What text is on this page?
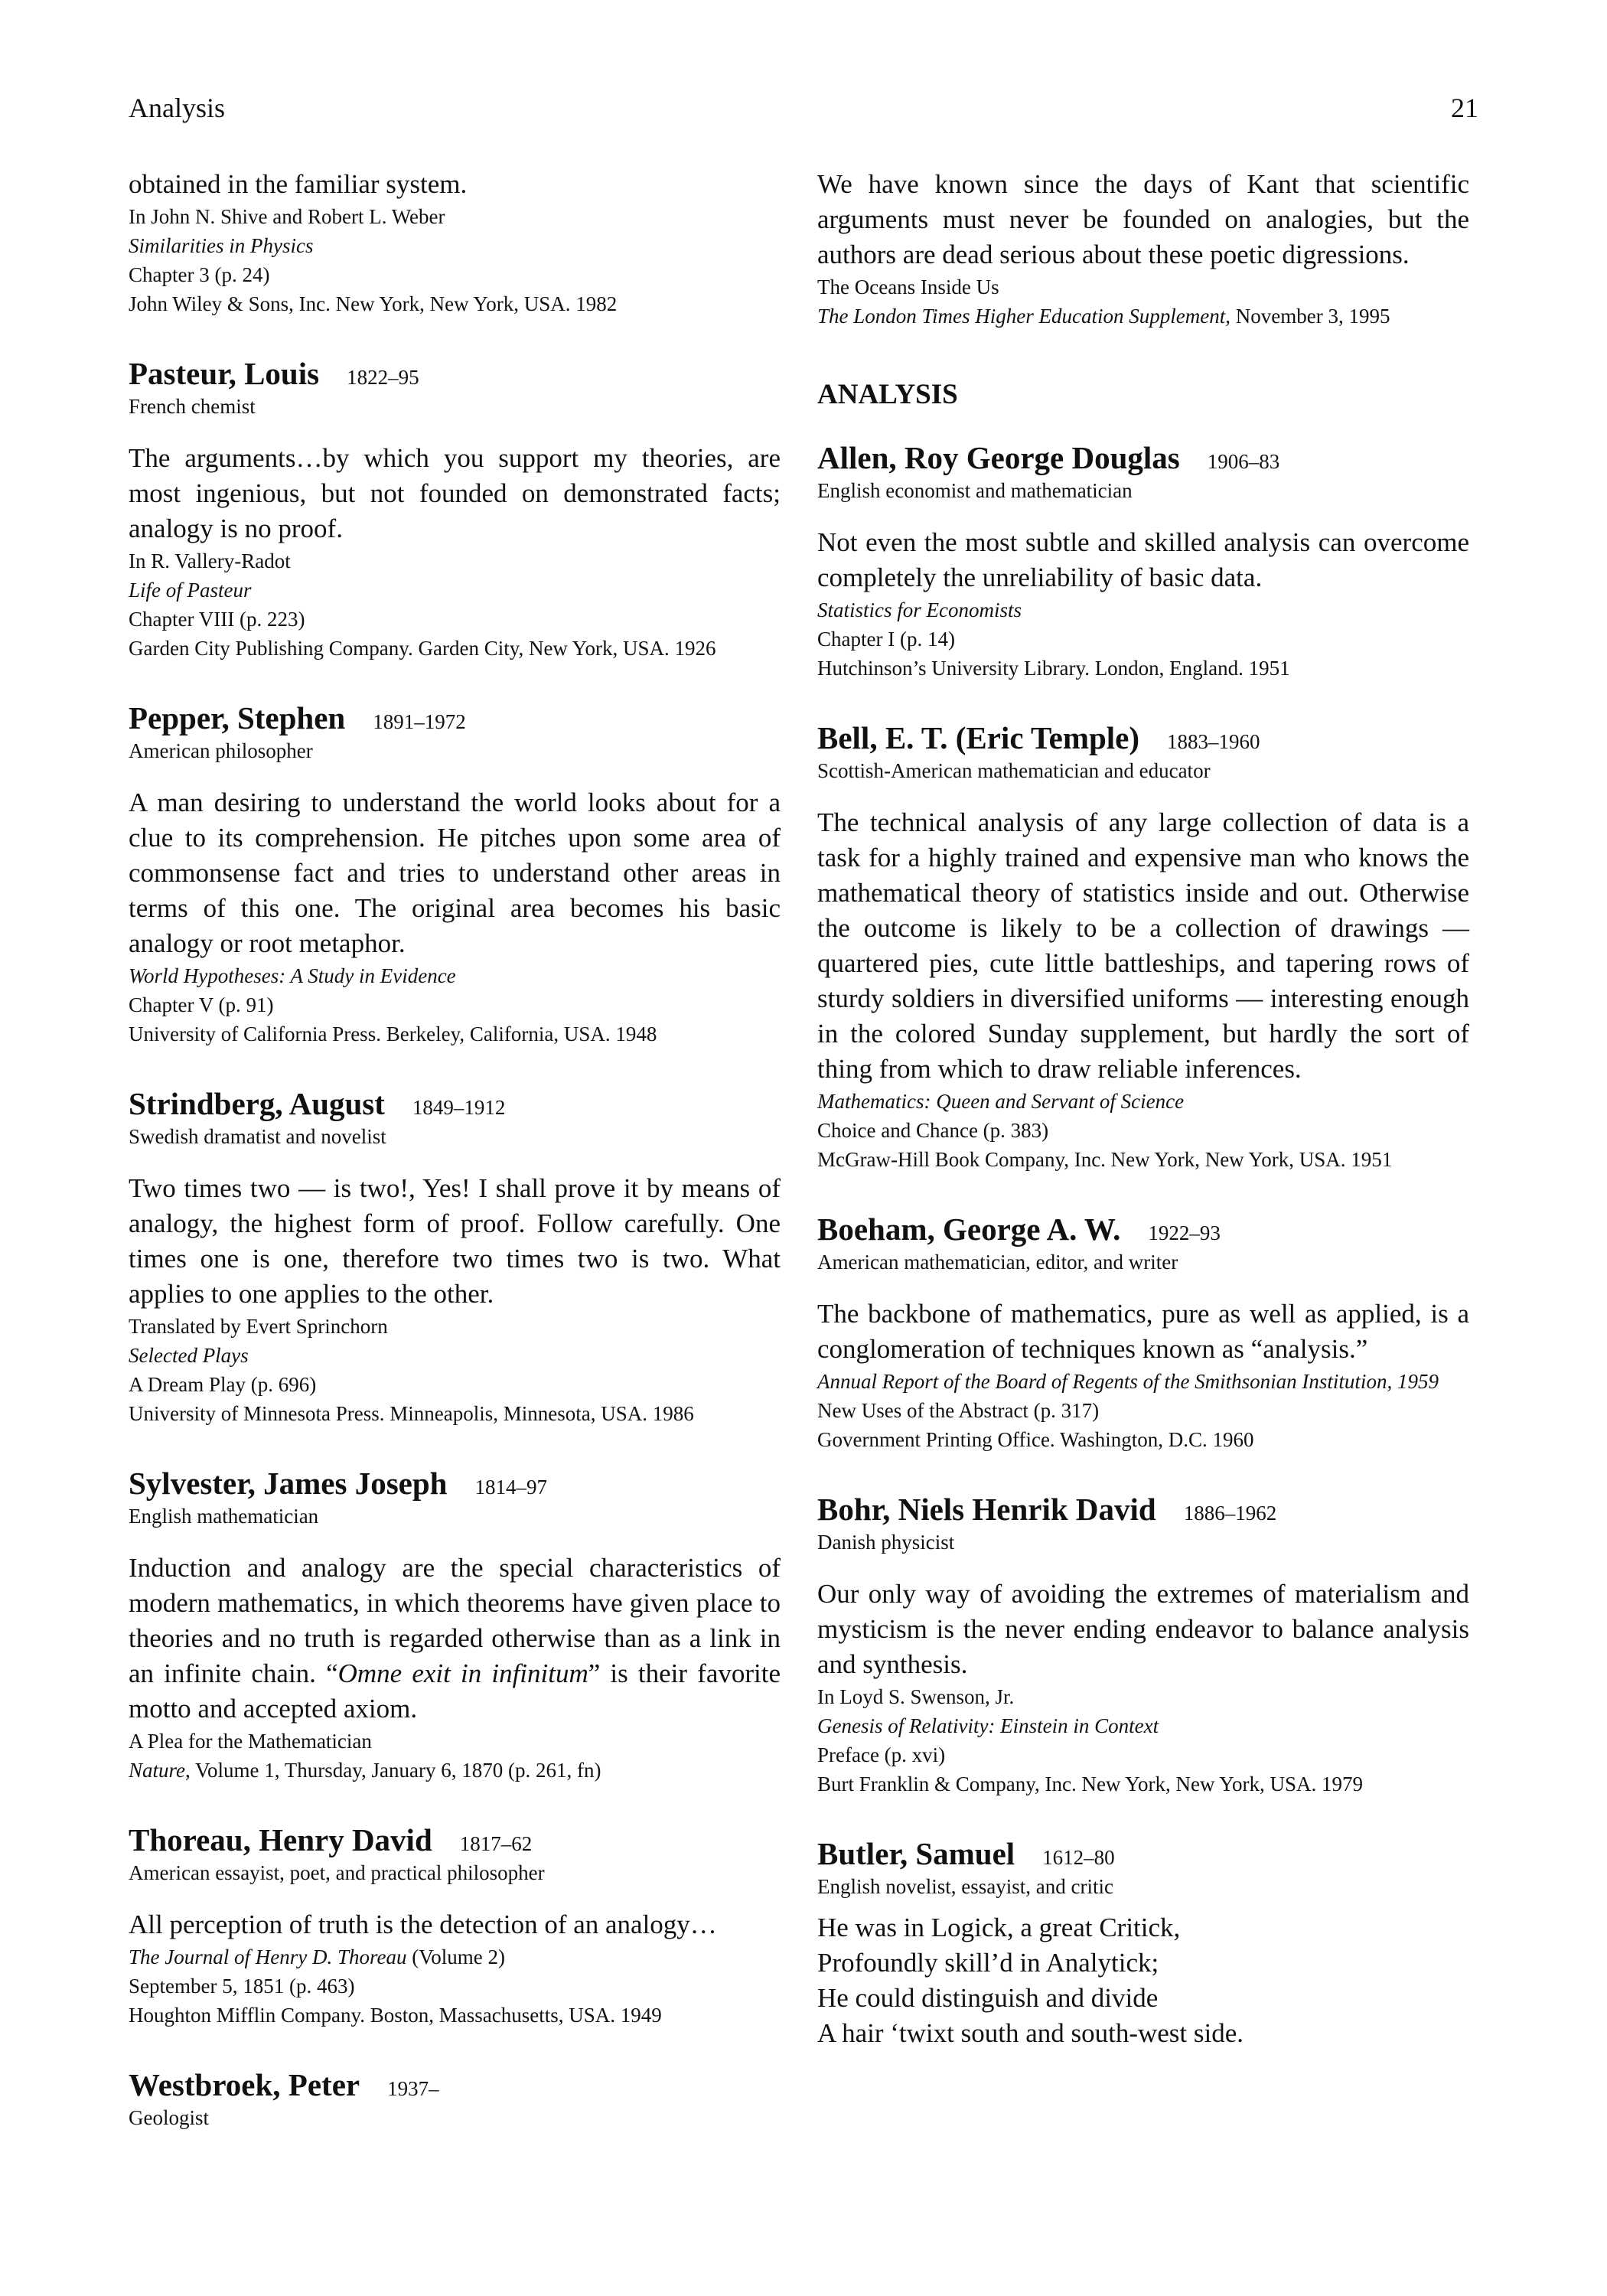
Analysis	21

obtained in the familiar system.

In John N. Shive and Robert L. Weber

Similarities in Physics

Chapter 3 (p. 24)

John Wiley & Sons, Inc. New York, New York, USA. 1982

Pasteur, Louis 1822–95

French chemist

The arguments…by which you support my theories, are most ingenious, but not founded on demonstrated facts; analogy is no proof.

In R. Vallery-Radot

Life of Pasteur

Chapter VIII (p. 223)

Garden City Publishing Company. Garden City, New York, USA. 1926

Pepper, Stephen 1891–1972

American philosopher

A man desiring to understand the world looks about for a clue to its comprehension. He pitches upon some area of commonsense fact and tries to understand other areas in terms of this one. The original area becomes his basic analogy or root metaphor.

World Hypotheses: A Study in Evidence

Chapter V (p. 91)

University of California Press. Berkeley, California, USA. 1948

Strindberg, August 1849–1912

Swedish dramatist and novelist

Two times two — is two!, Yes! I shall prove it by means of analogy, the highest form of proof. Follow carefully. One times one is one, therefore two times two is two. What applies to one applies to the other.

Translated by Evert Sprinchorn

Selected Plays

A Dream Play (p. 696)

University of Minnesota Press. Minneapolis, Minnesota, USA. 1986

Sylvester, James Joseph 1814–97

English mathematician

Induction and analogy are the special characteristics of modern mathematics, in which theorems have given place to theories and no truth is regarded otherwise than as a link in an infinite chain. “Omne exit in infinitum” is their favorite motto and accepted axiom.

A Plea for the Mathematician

Nature, Volume 1, Thursday, January 6, 1870 (p. 261, fn)

Thoreau, Henry David 1817–62

American essayist, poet, and practical philosopher

All perception of truth is the detection of an analogy…

The Journal of Henry D. Thoreau (Volume 2)

September 5, 1851 (p. 463)

Houghton Mifflin Company. Boston, Massachusetts, USA. 1949

Westbroek, Peter 1937–

Geologist

We have known since the days of Kant that scientific arguments must never be founded on analogies, but the authors are dead serious about these poetic digressions.

The Oceans Inside Us

The London Times Higher Education Supplement, November 3, 1995

ANALYSIS

Allen, Roy George Douglas 1906–83

English economist and mathematician

Not even the most subtle and skilled analysis can overcome completely the unreliability of basic data.

Statistics for Economists

Chapter I (p. 14)

Hutchinson’s University Library. London, England. 1951

Bell, E. T. (Eric Temple) 1883–1960

Scottish-American mathematician and educator

The technical analysis of any large collection of data is a task for a highly trained and expensive man who knows the mathematical theory of statistics inside and out. Otherwise the outcome is likely to be a collection of drawings — quartered pies, cute little battleships, and tapering rows of sturdy soldiers in diversified uniforms — interesting enough in the colored Sunday supplement, but hardly the sort of thing from which to draw reliable inferences.

Mathematics: Queen and Servant of Science

Choice and Chance (p. 383)

McGraw-Hill Book Company, Inc. New York, New York, USA. 1951

Boeham, George A. W. 1922–93

American mathematician, editor, and writer

The backbone of mathematics, pure as well as applied, is a conglomeration of techniques known as “analysis.”

Annual Report of the Board of Regents of the Smithsonian Institution, 1959

New Uses of the Abstract (p. 317)

Government Printing Office. Washington, D.C. 1960

Bohr, Niels Henrik David 1886–1962

Danish physicist

Our only way of avoiding the extremes of materialism and mysticism is the never ending endeavor to balance analysis and synthesis.

In Loyd S. Swenson, Jr.

Genesis of Relativity: Einstein in Context

Preface (p. xvi)

Burt Franklin & Company, Inc. New York, New York, USA. 1979

Butler, Samuel 1612–80

English novelist, essayist, and critic

He was in Logick, a great Critick,

Profoundly skill’d in Analytick;

He could distinguish and divide

A hair ‘twixt south and south-west side.
